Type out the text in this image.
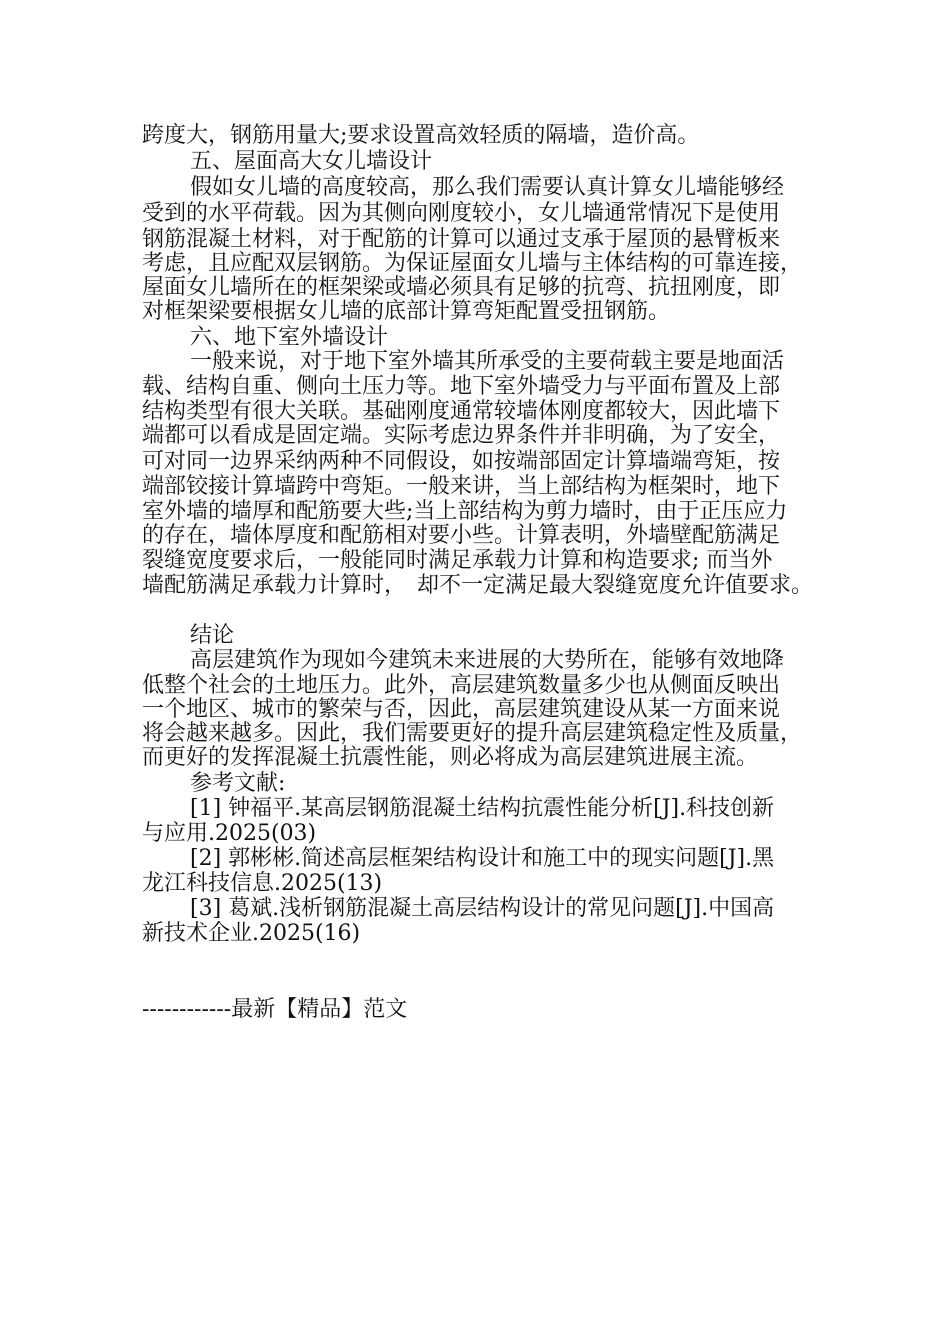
跨度大，钢筋用量大;要求设置高效轻质的隔墙，造价高。
五、屋面高大女儿墙设计
假如女儿墙的高度较高，那么我们需要认真计算女儿墙能够经
受到的水平荷载。因为其侧向刚度较小，女儿墙通常情况下是使用
钢筋混凝土材料，对于配筋的计算可以通过支承于屋顶的悬臂板来
考虑，且应配双层钢筋。为保证屋面女儿墙与主体结构的可靠连接，
屋面女儿墙所在的框架梁或墙必须具有足够的抗弯、抗扭刚度，即
对框架梁要根据女儿墙的底部计算弯矩配置受扭钢筋。
六、地下室外墙设计
一般来说，对于地下室外墙其所承受的主要荷载主要是地面活
载、结构自重、侧向土压力等。地下室外墙受力与平面布置及上部
结构类型有很大关联。基础刚度通常较墙体刚度都较大，因此墙下
端都可以看成是固定端。实际考虑边界条件并非明确，为了安全，
可对同一边界采纳两种不同假设，如按端部固定计算墙端弯矩，按
端部铰接计算墙跨中弯矩。一般来讲，当上部结构为框架时，地下
室外墙的墙厚和配筋要大些;当上部结构为剪力墙时，由于正压应力
的存在，墙体厚度和配筋相对要小些。计算表明，外墙壁配筋满足
裂缝宽度要求后，一般能同时满足承载力计算和构造要求; 而当外
墙配筋满足承载力计算时，　却不一定满足最大裂缝宽度允许值要求。
结论
高层建筑作为现如今建筑未来进展的大势所在，能够有效地降
低整个社会的土地压力。此外，高层建筑数量多少也从侧面反映出
一个地区、城市的繁荣与否，因此，高层建筑建设从某一方面来说
将会越来越多。因此，我们需要更好的提升高层建筑稳定性及质量，
而更好的发挥混凝土抗震性能，则必将成为高层建筑进展主流。
参考文献:
[1] 钟福平.某高层钢筋混凝土结构抗震性能分析[J].科技创新
与应用.2025(03)
[2] 郭彬彬.简述高层框架结构设计和施工中的现实问题[J].黑
龙江科技信息.2025(13)
[3] 葛斌.浅析钢筋混凝土高层结构设计的常见问题[J].中国高
新技术企业.2025(16)
------------最新【精品】范文
